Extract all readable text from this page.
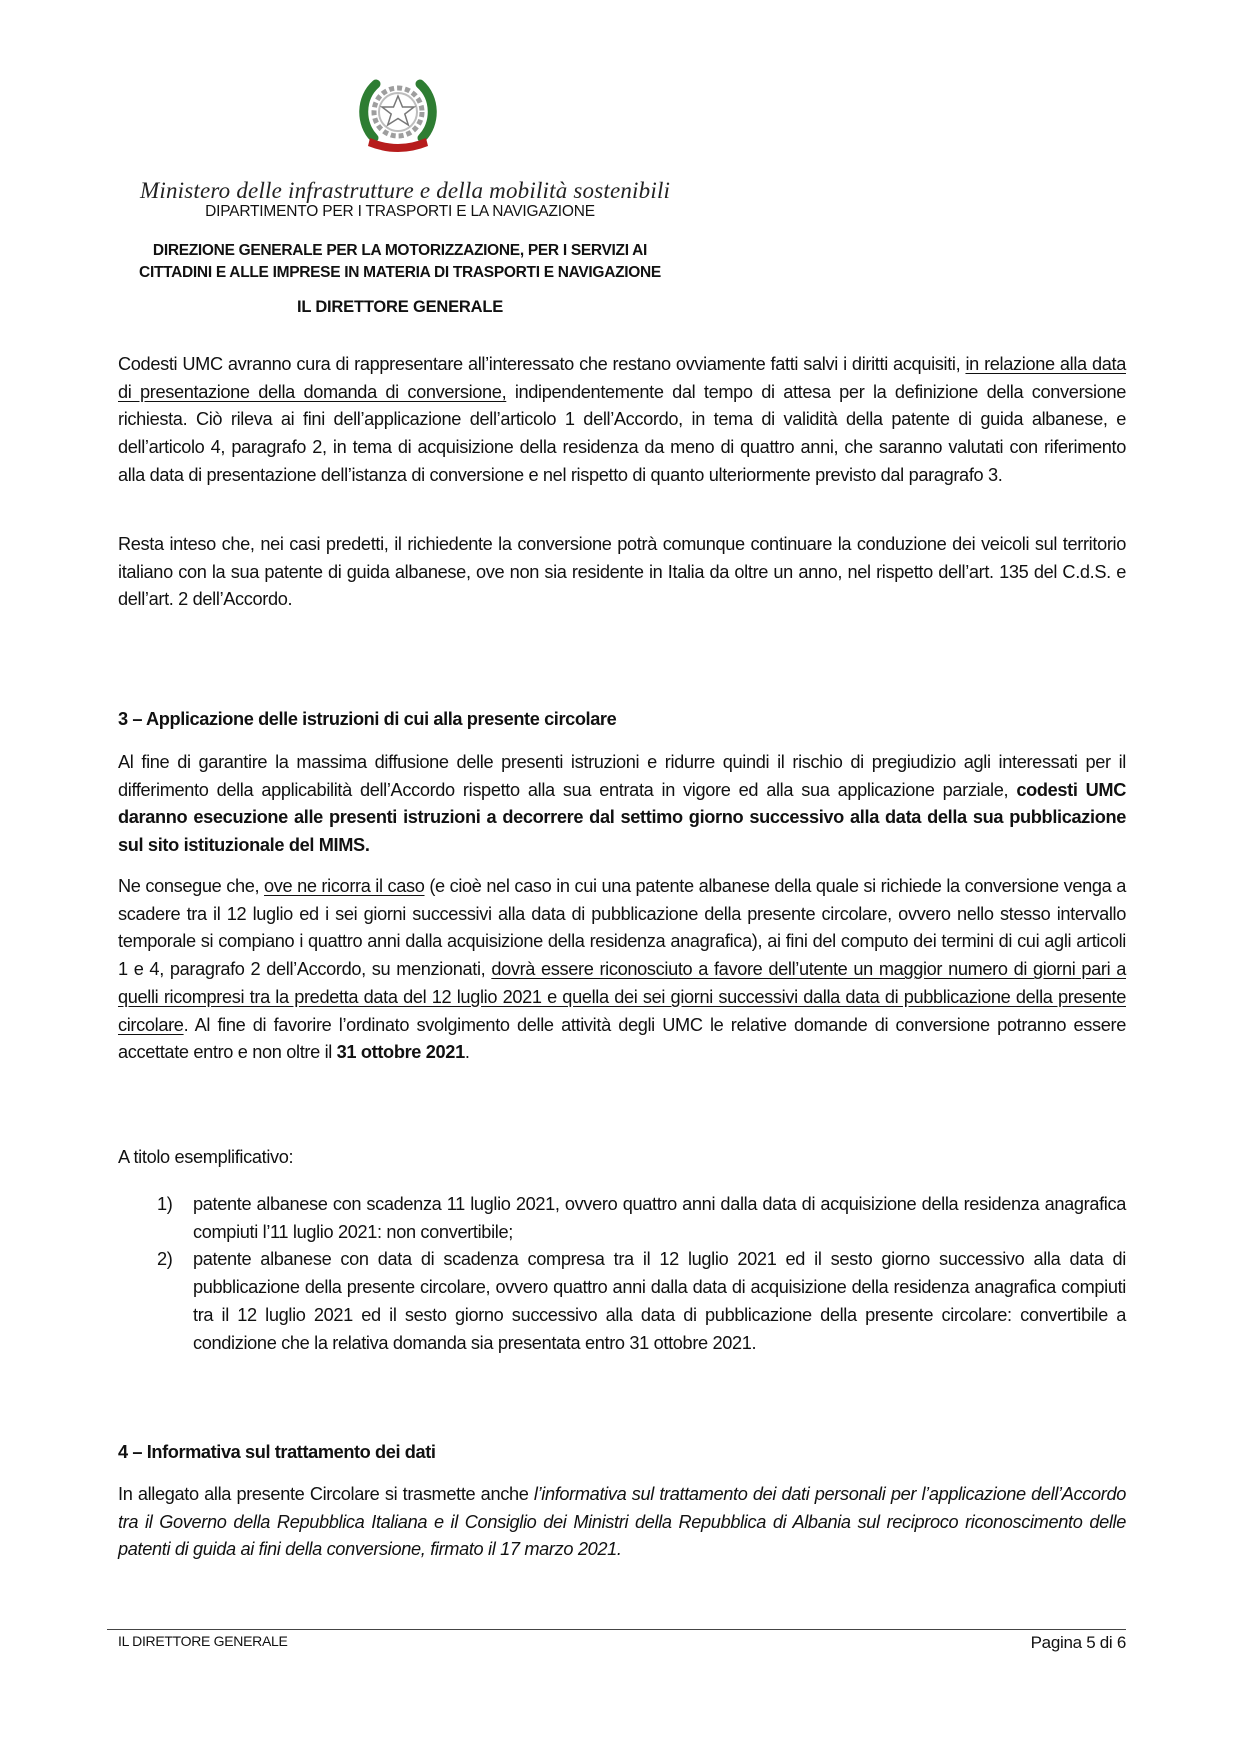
Ministero delle infrastrutture e della mobilità sostenibili
DIPARTIMENTO PER I TRASPORTI E LA NAVIGAZIONE
DIREZIONE GENERALE PER LA MOTORIZZAZIONE, PER I SERVIZI AI
CITTADINI E ALLE IMPRESE IN MATERIA DI TRASPORTI E NAVIGAZIONE
IL DIRETTORE GENERALE
Codesti UMC avranno cura di rappresentare all’interessato che restano ovviamente fatti salvi i diritti acquisiti, in relazione alla data di presentazione della domanda di conversione, indipendentemente dal tempo di attesa per la definizione della conversione richiesta. Ciò rileva ai fini dell’applicazione dell’articolo 1 dell’Accordo, in tema di validità della patente di guida albanese, e dell’articolo 4, paragrafo 2, in tema di acquisizione della residenza da meno di quattro anni, che saranno valutati con riferimento alla data di presentazione dell’istanza di conversione e nel rispetto di quanto ulteriormente previsto dal paragrafo 3.
Resta inteso che, nei casi predetti, il richiedente la conversione potrà comunque continuare la conduzione dei veicoli sul territorio italiano con la sua patente di guida albanese, ove non sia residente in Italia da oltre un anno, nel rispetto dell’art. 135 del C.d.S. e dell’art. 2 dell’Accordo.
3 – Applicazione delle istruzioni di cui alla presente circolare
Al fine di garantire la massima diffusione delle presenti istruzioni e ridurre quindi il rischio di pregiudizio agli interessati per il differimento della applicabilità dell’Accordo rispetto alla sua entrata in vigore ed alla sua applicazione parziale, codesti UMC daranno esecuzione alle presenti istruzioni a decorrere dal settimo giorno successivo alla data della sua pubblicazione sul sito istituzionale del MIMS.
Ne consegue che, ove ne ricorra il caso (e cioè nel caso in cui una patente albanese della quale si richiede la conversione venga a scadere tra il 12 luglio ed i sei giorni successivi alla data di pubblicazione della presente circolare, ovvero nello stesso intervallo temporale si compiano i quattro anni dalla acquisizione della residenza anagrafica), ai fini del computo dei termini di cui agli articoli 1 e 4, paragrafo 2 dell’Accordo, su menzionati, dovrà essere riconosciuto a favore dell’utente un maggior numero di giorni pari a quelli ricompresi tra la predetta data del 12 luglio 2021 e quella dei sei giorni successivi dalla data di pubblicazione della presente circolare. Al fine di favorire l’ordinato svolgimento delle attività degli UMC le relative domande di conversione potranno essere accettate entro e non oltre il 31 ottobre 2021.
A titolo esemplificativo:
1) patente albanese con scadenza 11 luglio 2021, ovvero quattro anni dalla data di acquisizione della residenza anagrafica compiuti l’11 luglio 2021: non convertibile;
2) patente albanese con data di scadenza compresa tra il 12 luglio 2021 ed il sesto giorno successivo alla data di pubblicazione della presente circolare, ovvero quattro anni dalla data di acquisizione della residenza anagrafica compiuti tra il 12 luglio 2021 ed il sesto giorno successivo alla data di pubblicazione della presente circolare: convertibile a condizione che la relativa domanda sia presentata entro 31 ottobre 2021.
4 – Informativa sul trattamento dei dati
In allegato alla presente Circolare si trasmette anche l’informativa sul trattamento dei dati personali per l’applicazione dell’Accordo tra il Governo della Repubblica Italiana e il Consiglio dei Ministri della Repubblica di Albania sul reciproco riconoscimento delle patenti di guida ai fini della conversione, firmato il 17 marzo 2021.
IL DIRETTORE GENERALE	Pagina 5 di 6
